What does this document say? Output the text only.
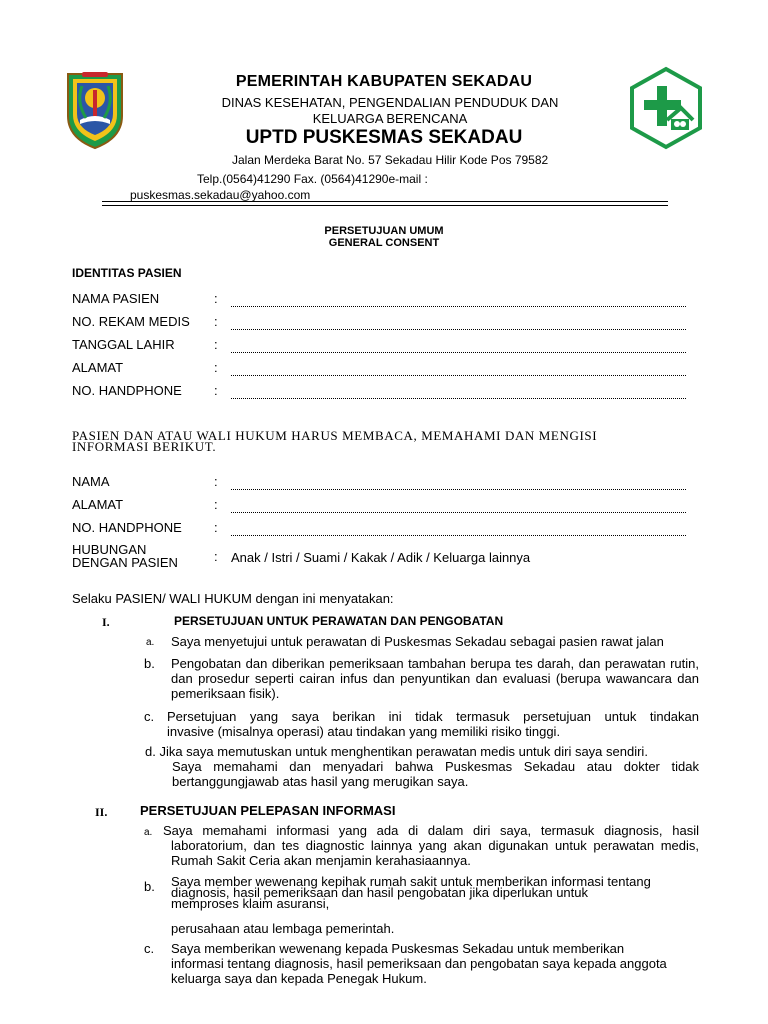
PEMERINTAH KABUPATEN SEKADAU
DINAS KESEHATAN, PENGENDALIAN PENDUDUK DAN
KELUARGA BERENCANA
UPTD PUSKESMAS SEKADAU
Jalan Merdeka Barat No. 57 Sekadau Hilir Kode Pos 79582
Telp.(0564)41290 Fax. (0564)41290e-mail :
puskesmas.sekadau@yahoo.com
PERSETUJUAN UMUM
GENERAL CONSENT
IDENTITAS PASIEN
NAMA PASIEN	:
NO. REKAM MEDIS :
TANGGAL LAHIR	:
ALAMAT	:
NO. HANDPHONE :
PASIEN DAN ATAU WALI HUKUM HARUS MEMBACA, MEMAHAMI DAN MENGISI INFORMASI BERIKUT.
NAMA	:
ALAMAT	:
NO. HANDPHONE :
HUBUNGAN
DENGAN PASIEN	: Anak / Istri / Suami / Kakak / Adik / Keluarga lainnya
Selaku PASIEN/ WALI HUKUM dengan ini menyatakan:
I.	PERSETUJUAN UNTUK PERAWATAN DAN PENGOBATAN
a. Saya menyetujui untuk perawatan di Puskesmas Sekadau sebagai pasien rawat jalan
b. Pengobatan dan diberikan pemeriksaan tambahan berupa tes darah, dan perawatan rutin, dan prosedur seperti cairan infus dan penyuntikan dan evaluasi (berupa wawancara dan pemeriksaan fisik).
c. Persetujuan yang saya berikan ini tidak termasuk persetujuan untuk tindakan
invasive (misalnya operasi) atau tindakan yang memiliki risiko tinggi.
d. Jika saya memutuskan untuk menghentikan perawatan medis untuk diri saya sendiri.
Saya memahami dan menyadari bahwa Puskesmas Sekadau atau dokter tidak bertanggungjawab atas hasil yang merugikan saya.
II.	PERSETUJUAN PELEPASAN INFORMASI
a. Saya memahami informasi yang ada di dalam diri saya, termasuk diagnosis, hasil
laboratorium, dan tes diagnostic lainnya yang akan digunakan untuk perawatan medis, Rumah Sakit Ceria akan menjamin kerahasiaannya.
b. Saya member wewenang kepihak rumah sakit untuk memberikan informasi tentang
diagnosis, hasil pemeriksaan dan hasil pengobatan jika diperlukan untuk
memproses klaim asuransi,
perusahaan atau lembaga pemerintah.
c. Saya memberikan wewenang kepada Puskesmas Sekadau untuk memberikan informasi tentang diagnosis, hasil pemeriksaan dan pengobatan saya kepada anggota keluarga saya dan kepada Penegak Hukum.
